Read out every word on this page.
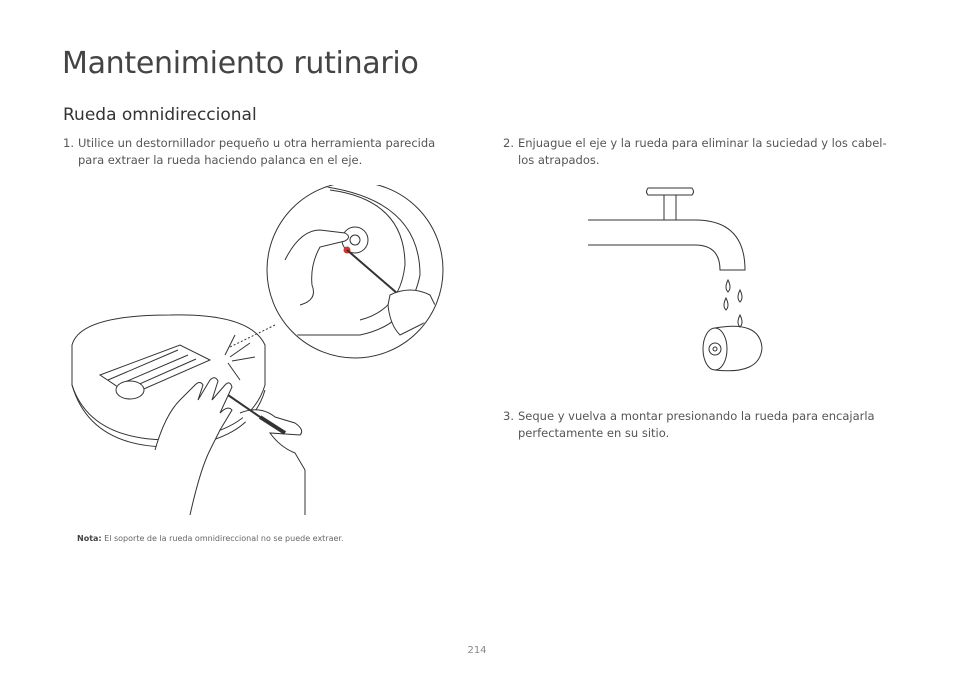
Mantenimiento rutinario
Rueda omnidireccional
1. Utilice un destornillador pequeño u otra herramienta parecida para extraer la rueda haciendo palanca en el eje.
2. Enjuague el eje y la rueda para eliminar la suciedad y los cabel- los atrapados.
3. Seque y vuelva a montar presionando la rueda para encajarla perfectamente en su sitio.
Nota: El soporte de la rueda omnidireccional no se puede extraer.
214
